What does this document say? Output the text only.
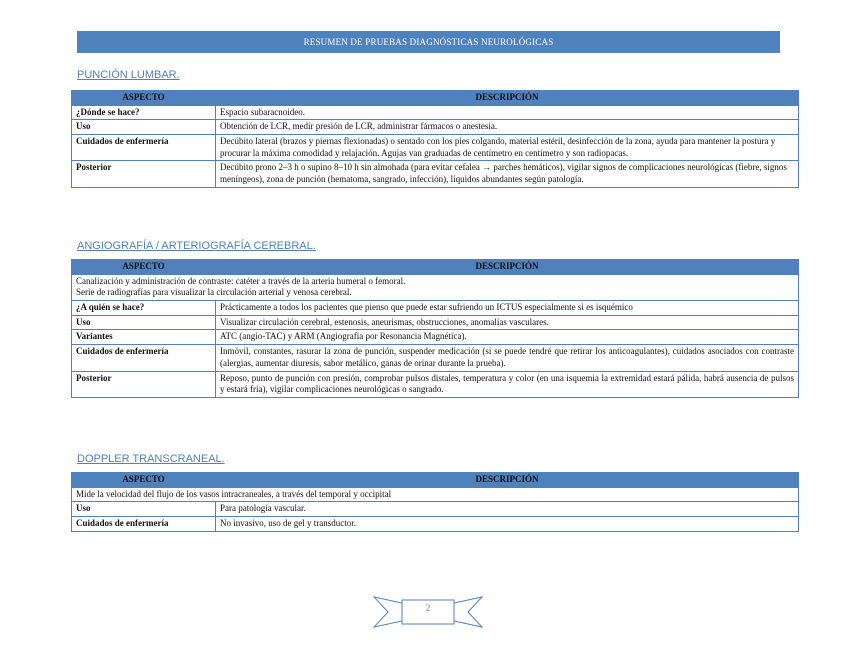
RESUMEN DE PRUEBAS DIAGNÓSTICAS NEUROLÓGICAS
PUNCIÓN LUMBAR.
ASPECTO	DESCRIPCIÓN
¿Dónde se hace?	Espacio subaracnoideo.
Uso	Obtención de LCR, medir presión de LCR, administrar fármacos o anestesia.
Cuidados de enfermería	Decúbito lateral (brazos y piernas flexionadas) o sentado con los pies colgando, material estéril, desinfección de la zona, ayuda para mantener la postura y procurar la máxima comodidad y relajación. Agujas van graduadas de centímetro en centímetro y son radiopacas.
Posterior	Decúbito prono 2–3 h o supino 8–10 h sin almohada (para evitar cefalea → parches hemáticos), vigilar signos de complicaciones neurológicas (fiebre, signos meníngeos), zona de punción (hematoma, sangrado, infección), líquidos abundantes según patología.
ANGIOGRAFÍA / ARTERIOGRAFÍA CEREBRAL.
ASPECTO	DESCRIPCIÓN

Canalización y administración de contraste: catéter a través de la arteria humeral o femoral.
Serie de radiografías para visualizar la circulación arterial y venosa cerebral.	

¿A quién se hace?	Prácticamente a todos los pacientes que pienso que puede estar sufriendo un ICTUS especialmente si es isquémico
Uso	Visualizar circulación cerebral, estenosis, aneurismas, obstrucciones, anomalías vasculares.
Variantes	ATC (angio-TAC) y ARM (Angiografía por Resonancia Magnética).
Cuidados de enfermería	Inmóvil, constantes, rasurar la zona de punción, suspender medicación (si se puede tendré que retirar los anticoagulantes), cuidados asociados con contraste (alergias, aumentar diuresis, sabor metálico, ganas de orinar durante la prueba).
Posterior	Reposo, punto de punción con presión, comprobar pulsos distales, temperatura y color (en una isquemia la extremidad estará pálida, habrá ausencia de pulsos y estará fría), vigilar complicaciones neurológicas o sangrado.
DOPPLER TRANSCRANEAL.
ASPECTO	DESCRIPCIÓN
Mide la velocidad del flujo de los vasos intracraneales, a través del temporal y occipital	
Uso	Para patología vascular.
Cuidados de enfermería	No invasivo, uso de gel y transductor.
2
